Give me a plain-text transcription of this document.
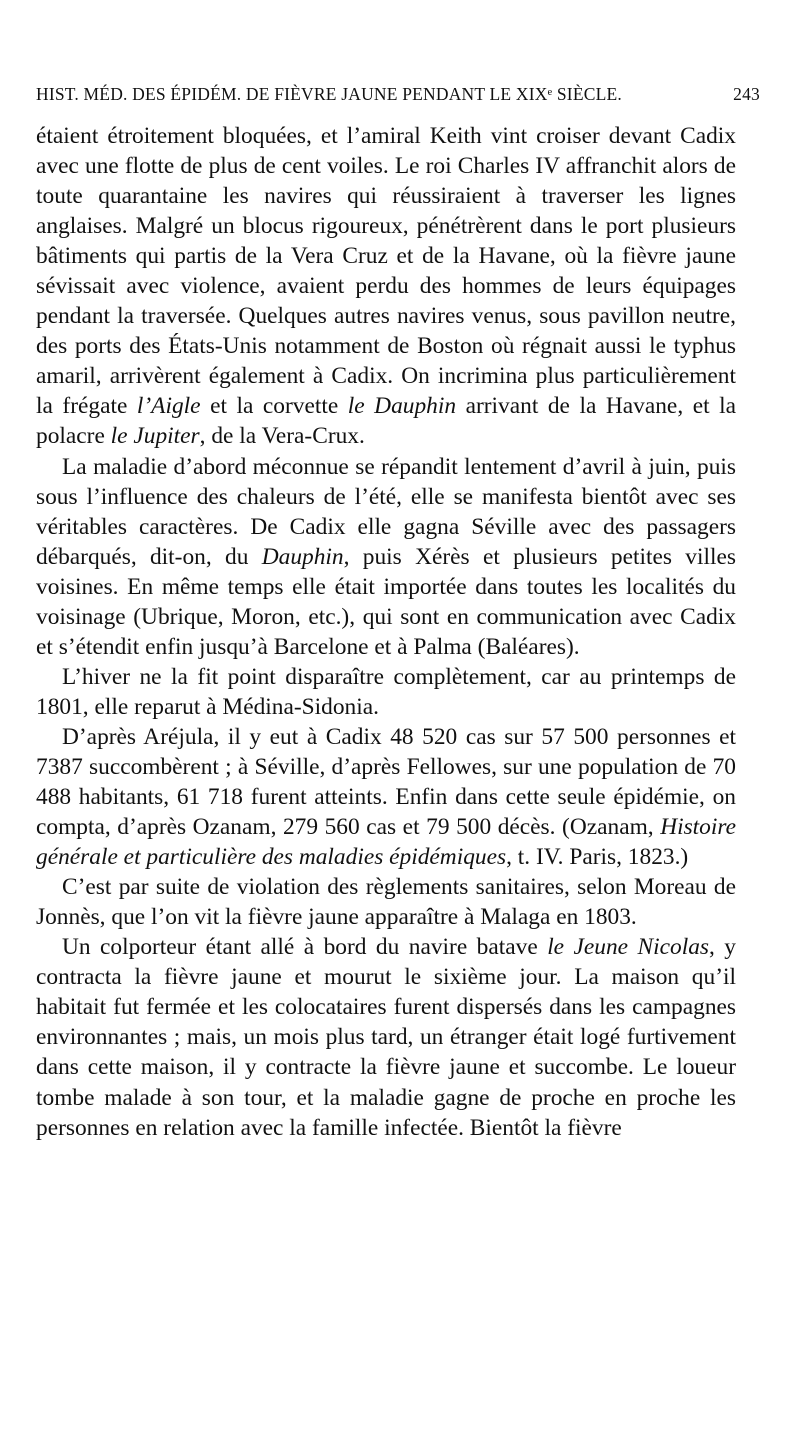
HIST. MÉD. DES ÉPIDÉM. DE FIÈVRE JAUNE PENDANT LE XIXᵉ SIÈCLE.	243

étaient étroitement bloquées, et l’amiral Keith vint croiser devant Cadix avec une flotte de plus de cent voiles. Le roi Charles IV affranchit alors de toute quarantaine les navires qui réussiraient à traverser les lignes anglaises. Malgré un blocus rigoureux, pénétrèrent dans le port plusieurs bâtiments qui partis de la Vera Cruz et de la Havane, où la fièvre jaune sévissait avec violence, avaient perdu des hommes de leurs équipages pendant la traversée. Quelques autres navires venus, sous pavillon neutre, des ports des États-Unis notamment de Boston où régnait aussi le typhus amaril, arrivèrent également à Cadix. On incrimina plus particulièrement la frégate l’Aigle et la corvette le Dauphin arrivant de la Havane, et la polacre le Jupiter, de la Vera-Crux.

La maladie d’abord méconnue se répandit lentement d’avril à juin, puis sous l’influence des chaleurs de l’été, elle se manifesta bientôt avec ses véritables caractères. De Cadix elle gagna Séville avec des passagers débarqués, dit-on, du Dauphin, puis Xérès et plusieurs petites villes voisines. En même temps elle était importée dans toutes les localités du voisinage (Ubrique, Moron, etc.), qui sont en communication avec Cadix et s’étendit enfin jusqu’à Barcelone et à Palma (Baléares).

L’hiver ne la fit point disparaître complètement, car au printemps de 1801, elle reparut à Médina-Sidonia.

D’après Aréjula, il y eut à Cadix 48 520 cas sur 57 500 personnes et 7387 succombèrent ; à Séville, d’après Fellowes, sur une population de 70 488 habitants, 61 718 furent atteints. Enfin dans cette seule épidémie, on compta, d’après Ozanam, 279 560 cas et 79 500 décès. (Ozanam, Histoire générale et particulière des maladies épidémiques, t. IV. Paris, 1823.)

C’est par suite de violation des règlements sanitaires, selon Moreau de Jonnès, que l’on vit la fièvre jaune apparaître à Malaga en 1803.

Un colporteur étant allé à bord du navire batave le Jeune Nicolas, y contracta la fièvre jaune et mourut le sixième jour. La maison qu’il habitait fut fermée et les colocataires furent dispersés dans les campagnes environnantes ; mais, un mois plus tard, un étranger était logé furtivement dans cette maison, il y contracte la fièvre jaune et succombe. Le loueur tombe malade à son tour, et la maladie gagne de proche en proche les personnes en relation avec la famille infectée. Bientôt la fièvre
